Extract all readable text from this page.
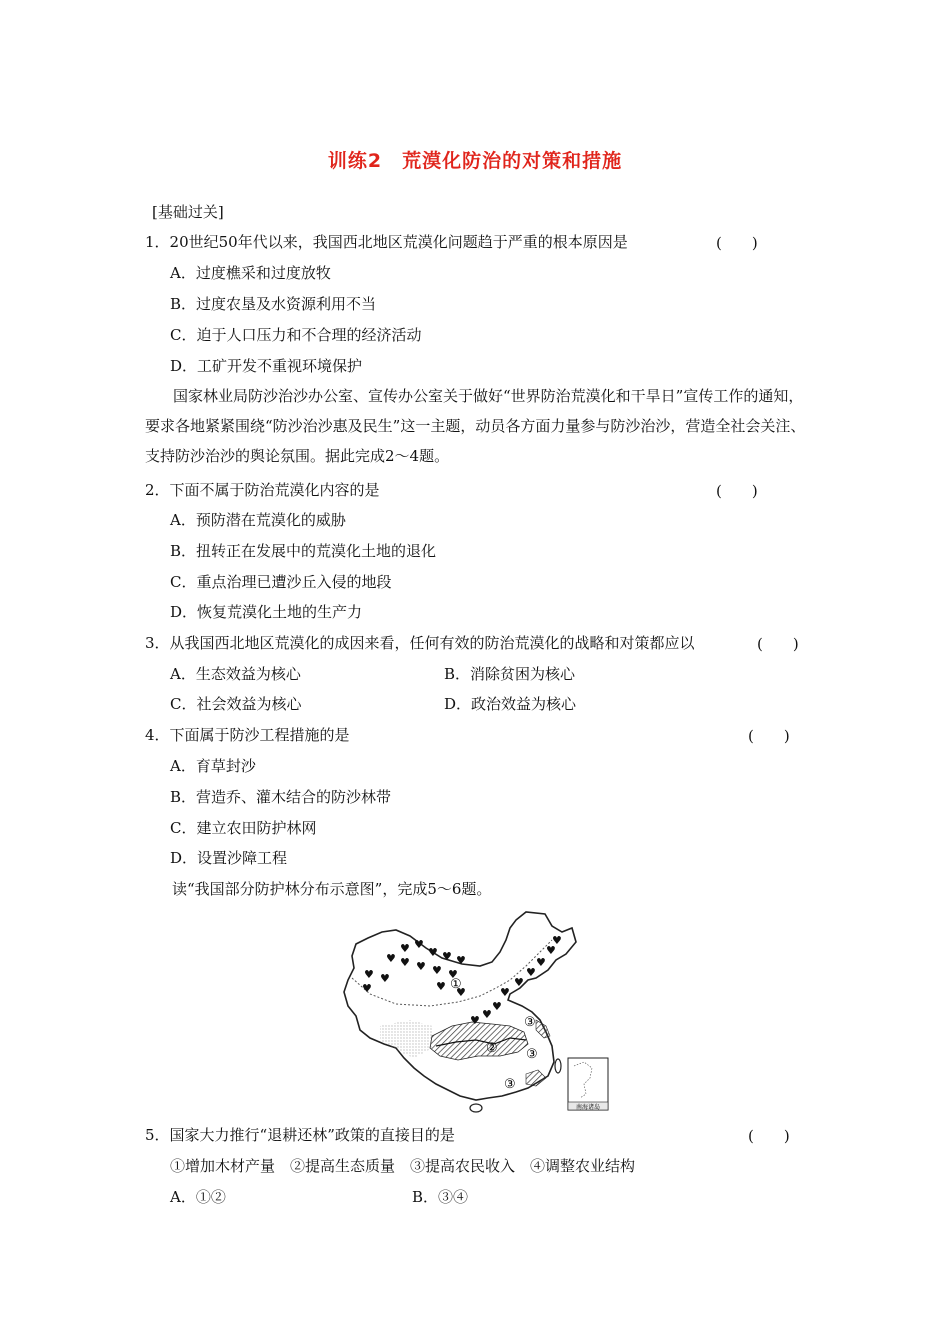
训练2　荒漠化防治的对策和措施
[基础过关]
1．20世纪50年代以来，我国西北地区荒漠化问题趋于严重的根本原因是	(　　)
A．过度樵采和过度放牧
B．过度农垦及水资源利用不当
C．迫于人口压力和不合理的经济活动
D．工矿开发不重视环境保护
国家林业局防沙治沙办公室、宣传办公室关于做好“世界防治荒漠化和干旱日”宣传工作的通知，要求各地紧紧围绕“防沙治沙惠及民生”这一主题，动员各方面力量参与防沙治沙，营造全社会关注、支持防沙治沙的舆论氛围。据此完成2～4题。
2．下面不属于防治荒漠化内容的是	(　　)
A．预防潜在荒漠化的威胁
B．扭转正在发展中的荒漠化土地的退化
C．重点治理已遭沙丘入侵的地段
D．恢复荒漠化土地的生产力
3．从我国西北地区荒漠化的成因来看，任何有效的防治荒漠化的战略和对策都应以	(　　)
A．生态效益为核心	B．消除贫困为核心
C．社会效益为核心	D．政治效益为核心
4．下面属于防沙工程措施的是	(　　)
A．育草封沙
B．营造乔、灌木结合的防沙林带
C．建立农田防护林网
D．设置沙障工程
读“我国部分防护林分布示意图”，完成5～6题。
♥ ♥
♥ ♥ ♥
♥ ♥ ♥ ♥ ♥
♥ ♥
♥	♥ ♥
♥ ♥
♥
♥
♥
♥
♥
♥
♥
①
②
③
③
③
南海诸岛
5．国家大力推行“退耕还林”政策的直接目的是	(　　)
①增加木材产量　②提高生态质量　③提高农民收入　④调整农业结构
A．①②	B．③④
